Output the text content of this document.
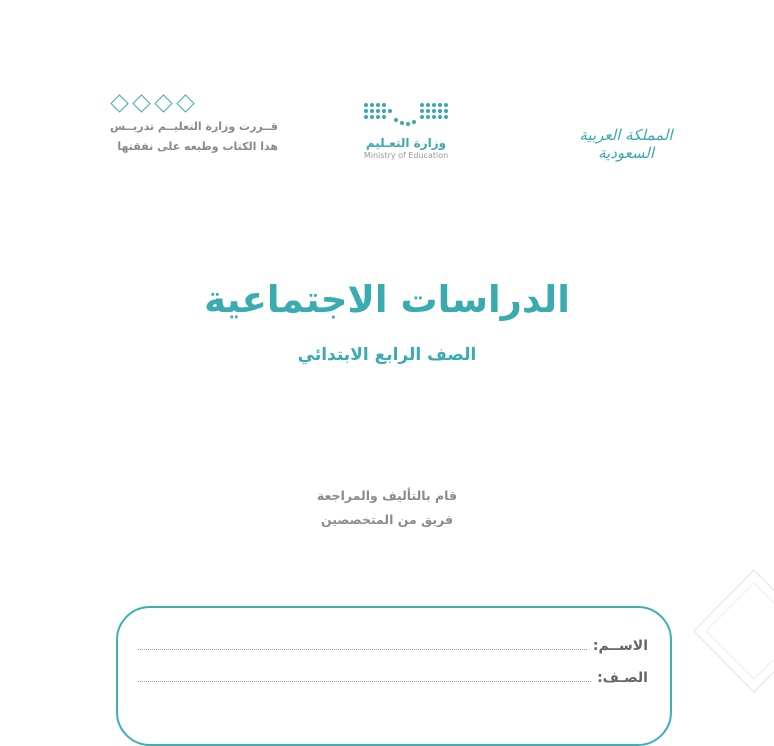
قــررت وزارة التعليــم تدريــس
هذا الكتاب وطبعه على نفقتها	وزارة التعـليم
Ministry of Education
المملكة العربية السعودية
الدراسات الاجتماعية
الصف الرابع الابتدائي
قام بالتأليف والمراجعة
فريق من المتخصصين
الاســم:
الصـف:
